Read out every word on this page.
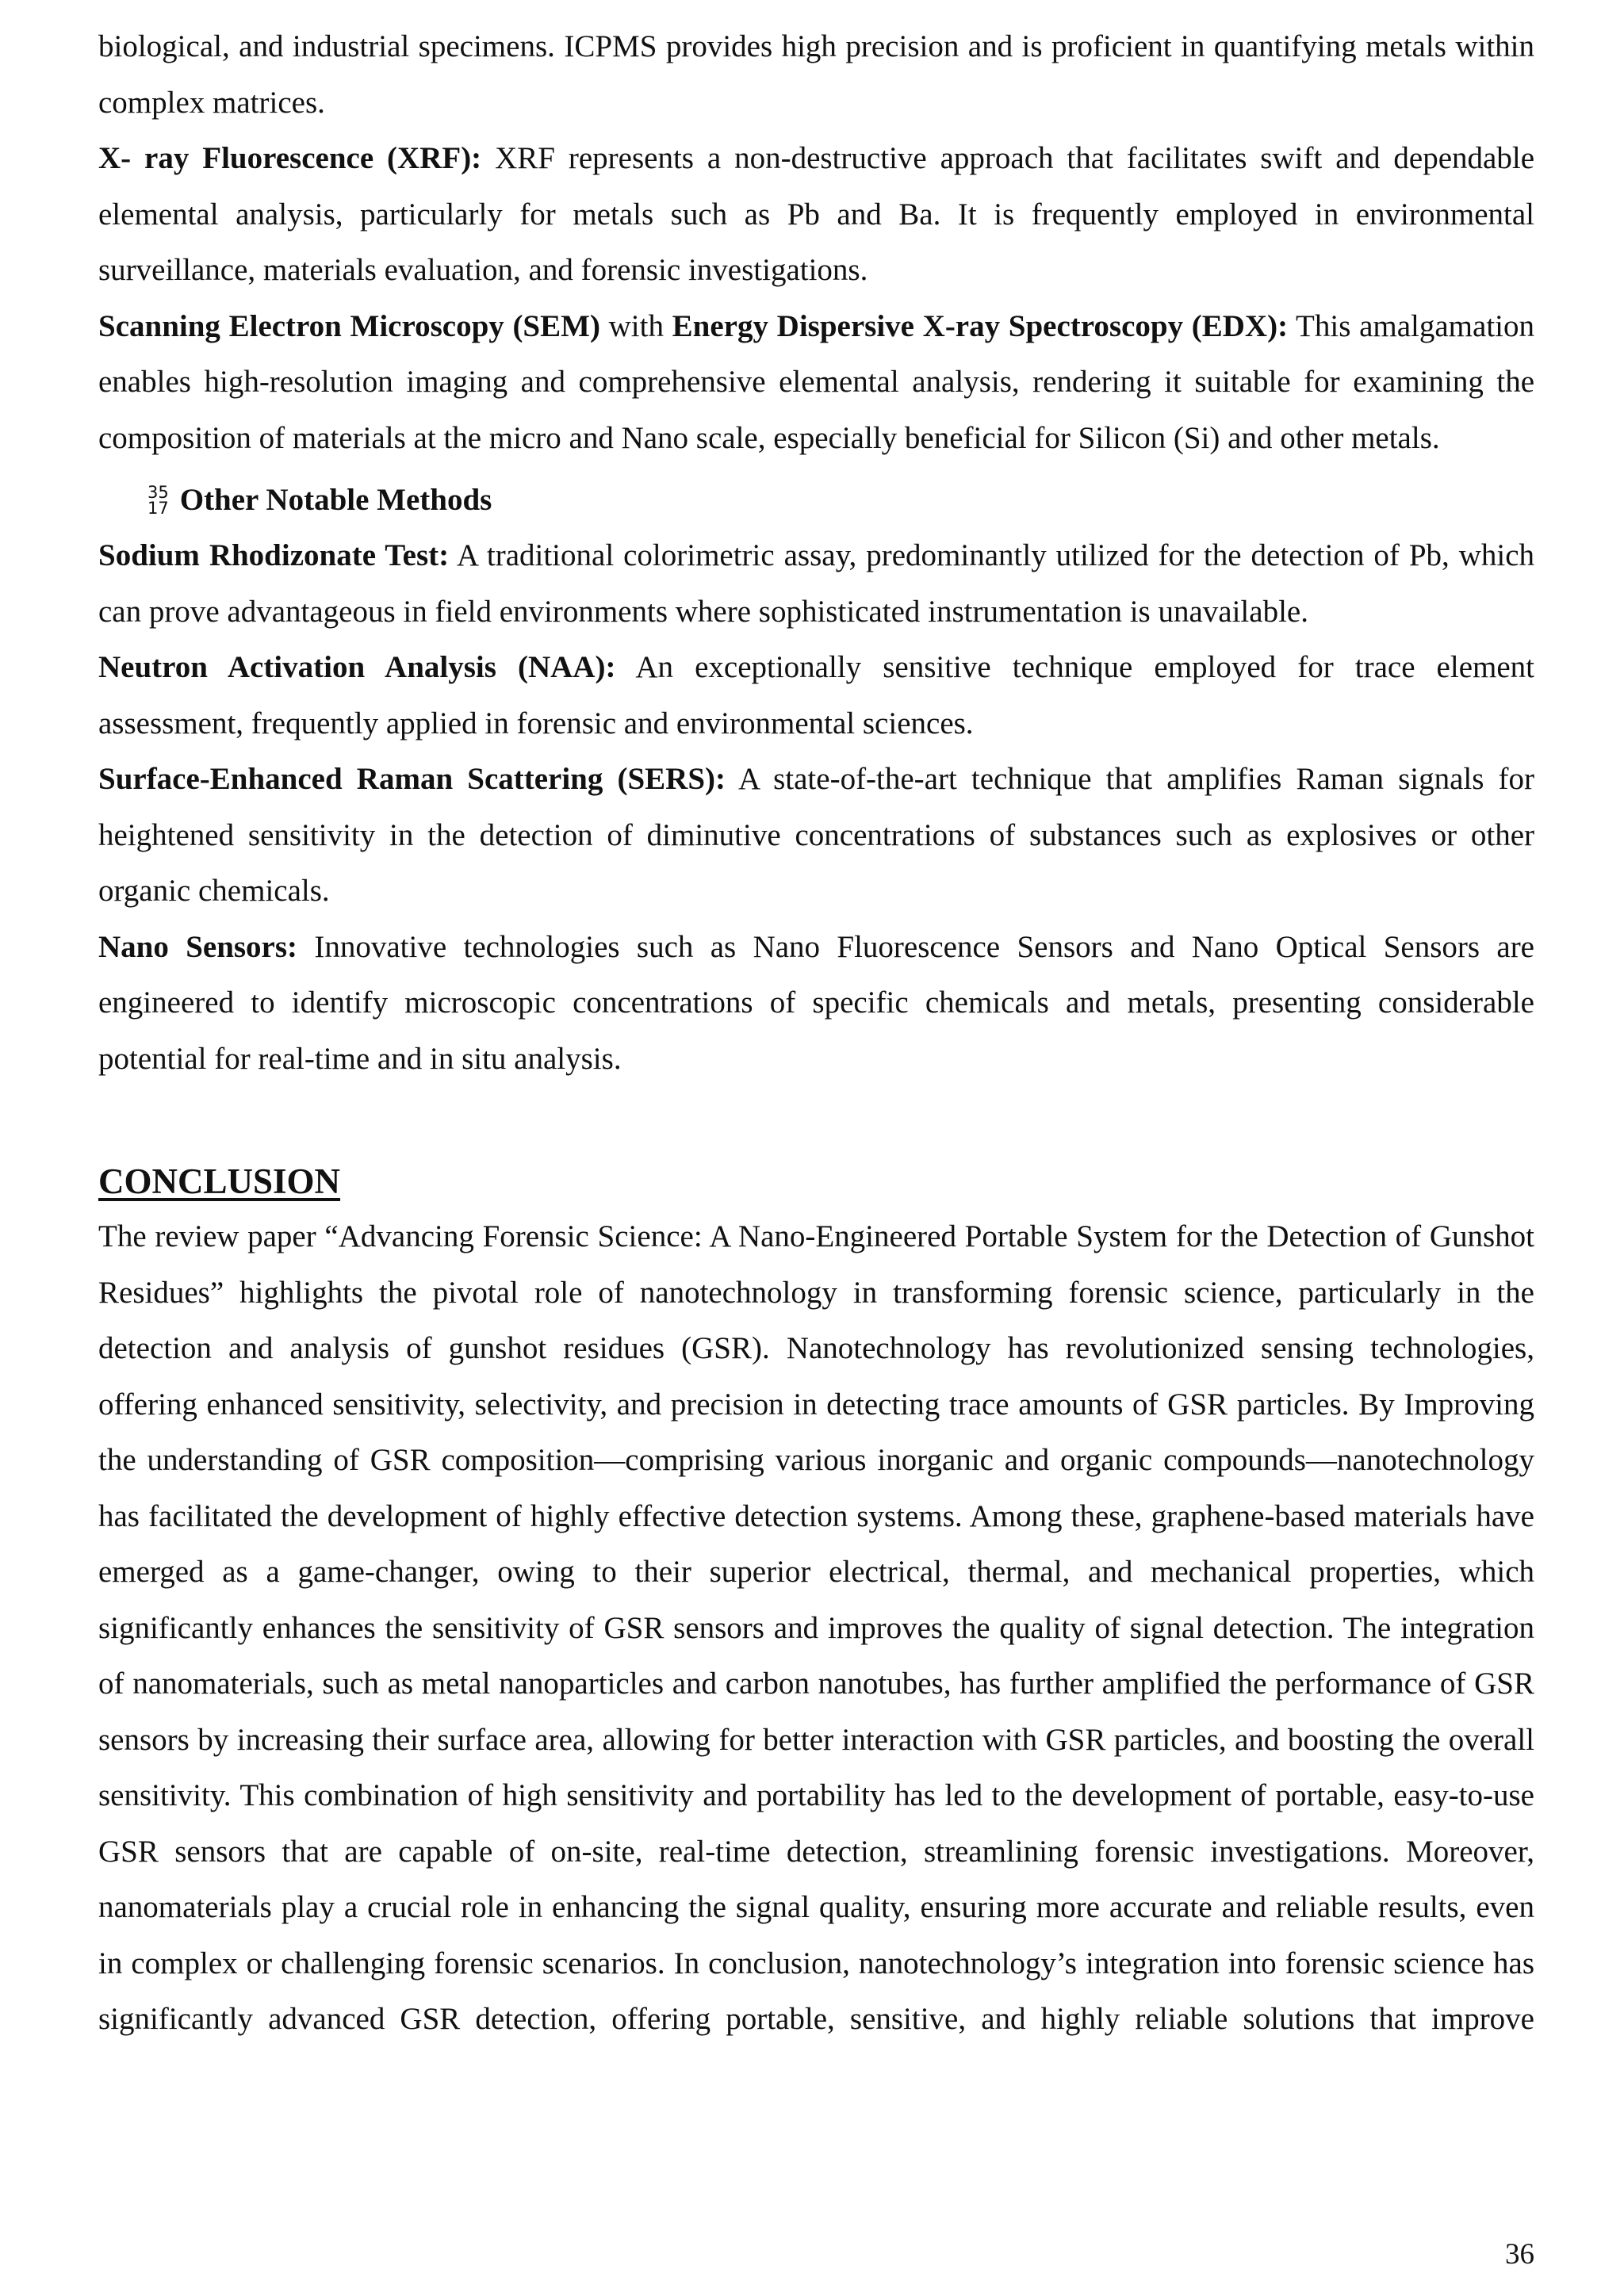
biological, and industrial specimens. ICPMS provides high precision and is proficient in quantifying metals within complex matrices.

X- ray Fluorescence (XRF): XRF represents a non-destructive approach that facilitates swift and dependable elemental analysis, particularly for metals such as Pb and Ba. It is frequently employed in environmental surveillance, materials evaluation, and forensic investigations.

Scanning Electron Microscopy (SEM) with Energy Dispersive X-ray Spectroscopy (EDX): This amalgamation enables high-resolution imaging and comprehensive elemental analysis, rendering it suitable for examining the composition of materials at the micro and Nano scale, especially beneficial for Silicon (Si) and other metals.

35
17 Other Notable Methods

Sodium Rhodizonate Test: A traditional colorimetric assay, predominantly utilized for the detection of Pb, which can prove advantageous in field environments where sophisticated instrumentation is unavailable.

Neutron Activation Analysis (NAA): An exceptionally sensitive technique employed for trace element assessment, frequently applied in forensic and environmental sciences.

Surface-Enhanced Raman Scattering (SERS): A state-of-the-art technique that amplifies Raman signals for heightened sensitivity in the detection of diminutive concentrations of substances such as explosives or other organic chemicals.

Nano Sensors: Innovative technologies such as Nano Fluorescence Sensors and Nano Optical Sensors are engineered to identify microscopic concentrations of specific chemicals and metals, presenting considerable potential for real-time and in situ analysis.

CONCLUSION

The review paper “Advancing Forensic Science: A Nano-Engineered Portable System for the Detection of Gunshot Residues” highlights the pivotal role of nanotechnology in transforming forensic science, particularly in the detection and analysis of gunshot residues (GSR). Nanotechnology has revolutionized sensing technologies, offering enhanced sensitivity, selectivity, and precision in detecting trace amounts of GSR particles. By Improving the understanding of GSR composition—comprising various inorganic and organic compounds—nanotechnology has facilitated the development of highly effective detection systems. Among these, graphene-based materials have emerged as a game-changer, owing to their superior electrical, thermal, and mechanical properties, which significantly enhances the sensitivity of GSR sensors and improves the quality of signal detection. The integration of nanomaterials, such as metal nanoparticles and carbon nanotubes, has further amplified the performance of GSR sensors by increasing their surface area, allowing for better interaction with GSR particles, and boosting the overall sensitivity. This combination of high sensitivity and portability has led to the development of portable, easy-to-use GSR sensors that are capable of on-site, real-time detection, streamlining forensic investigations. Moreover, nanomaterials play a crucial role in enhancing the signal quality, ensuring more accurate and reliable results, even in complex or challenging forensic scenarios. In conclusion, nanotechnology’s integration into forensic science has significantly advanced GSR detection, offering portable, sensitive, and highly reliable solutions that improve

36
